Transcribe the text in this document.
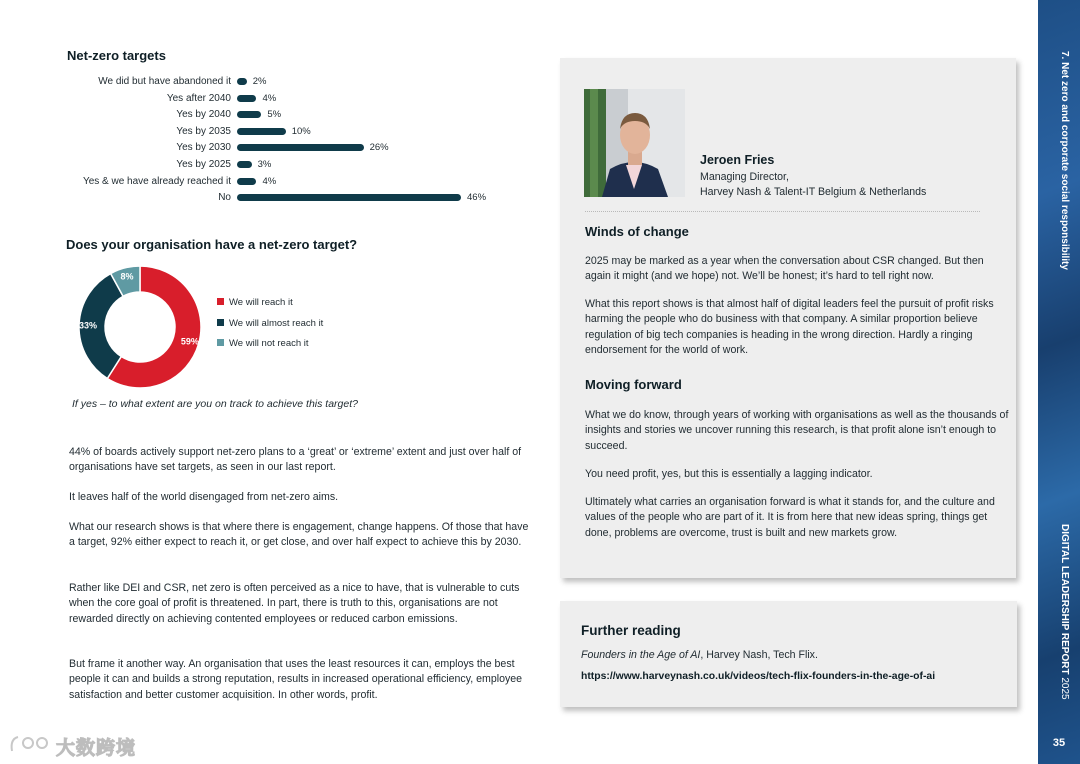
Net-zero targets
We did but have abandoned it 2%
Yes after 2040	4%
Yes by 2040	5%
Yes by 2035	10%
Yes by 2030	26%
Yes by 2025	3%
Yes & we have already reached it	4%
No	46%
Does your organisation have a net-zero target?
59%
33%
8%
We will reach it
We will almost reach it
We will not reach it
If yes – to what extent are you on track to achieve this target?
44% of boards actively support net-zero plans to a ‘great’ or ‘extreme’ extent and just over half of organisations have set targets, as seen in our last report.
It leaves half of the world disengaged from net-zero aims.
What our research shows is that where there is engagement, change happens. Of those that have a target, 92% either expect to reach it, or get close, and over half expect to achieve this by 2030.
Rather like DEI and CSR, net zero is often perceived as a nice to have, that is vulnerable to cuts when the core goal of profit is threatened. In part, there is truth to this, organisations are not rewarded directly on achieving contented employees or reduced carbon emissions.
But frame it another way. An organisation that uses the least resources it can, employs the best people it can and builds a strong reputation, results in increased operational efficiency, employee satisfaction and better customer acquisition. In other words, profit.
Jeroen Fries
Managing Director,
Harvey Nash & Talent-IT Belgium & Netherlands
Winds of change
2025 may be marked as a year when the conversation about CSR changed. But then again it might (and we hope) not. We’ll be honest; it’s hard to tell right now.
What this report shows is that almost half of digital leaders feel the pursuit of profit risks harming the people who do business with that company. A similar proportion believe regulation of big tech companies is heading in the wrong direction. Hardly a ringing endorsement for the world of work.
Moving forward
What we do know, through years of working with organisations as well as the thousands of insights and stories we uncover running this research, is that profit alone isn’t enough to succeed.
You need profit, yes, but this is essentially a lagging indicator.
Ultimately what carries an organisation forward is what it stands for, and the culture and values of the people who are part of it. It is from here that new ideas spring, things get done, problems are overcome, trust is built and new markets grow.
Further reading
Founders in the Age of AI, Harvey Nash, Tech Flix.
https://www.harveynash.co.uk/videos/tech-flix-founders-in-the-age-of-ai
7. Net zero and corporate social responsibility
DIGITAL LEADERSHIP REPORT 2025
35
大数跨境
